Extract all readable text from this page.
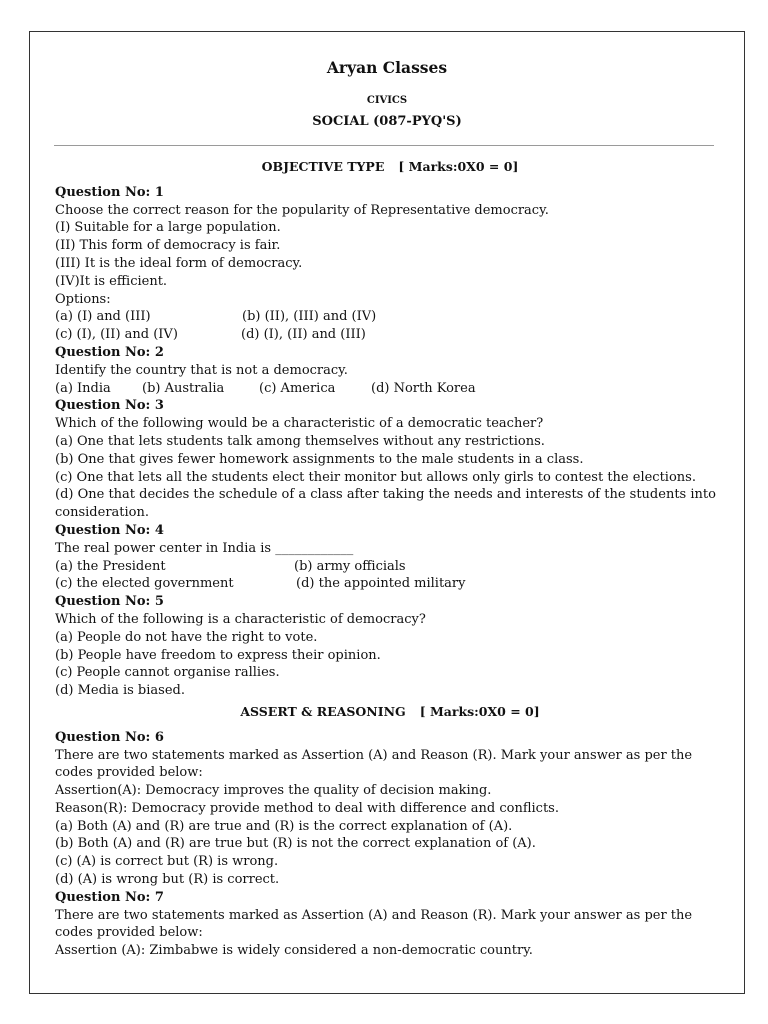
Aryan Classes
CIVICS
SOCIAL (087-PYQ'S)
OBJECTIVE TYPE [ Marks:0X0 = 0]
Question No: 1
Choose the correct reason for the popularity of Representative democracy.
(I) Suitable for a large population.
(II) This form of democracy is fair.
(III) It is the ideal form of democracy.
(IV)It is efficient.
Options:
(a) (I) and (III)	(b) (II), (III) and (IV)
(c) (I), (II) and (IV)	(d) (I), (II) and (III)
Question No: 2
Identify the country that is not a democracy.
(a) India	(b) Australia	(c) America	(d) North Korea
Question No: 3
Which of the following would be a characteristic of a democratic teacher?
(a) One that lets students talk among themselves without any restrictions.
(b) One that gives fewer homework assignments to the male students in a class.
(c) One that lets all the students elect their monitor but allows only girls to contest the elections.
(d) One that decides the schedule of a class after taking the needs and interests of the students into consideration.
Question No: 4
The real power center in India is ____________
(a) the President	(b) army officials
(c) the elected government	(d) the appointed military
Question No: 5
Which of the following is a characteristic of democracy?
(a) People do not have the right to vote.
(b) People have freedom to express their opinion.
(c) People cannot organise rallies.
(d) Media is biased.
ASSERT & REASONING [ Marks:0X0 = 0]
Question No: 6
There are two statements marked as Assertion (A) and Reason (R). Mark your answer as per the codes provided below:
Assertion(A): Democracy improves the quality of decision making.
Reason(R): Democracy provide method to deal with difference and conflicts.
(a) Both (A) and (R) are true and (R) is the correct explanation of (A).
(b) Both (A) and (R) are true but (R) is not the correct explanation of (A).
(c) (A) is correct but (R) is wrong.
(d) (A) is wrong but (R) is correct.
Question No: 7
There are two statements marked as Assertion (A) and Reason (R). Mark your answer as per the codes provided below:
Assertion (A): Zimbabwe is widely considered a non-democratic country.
